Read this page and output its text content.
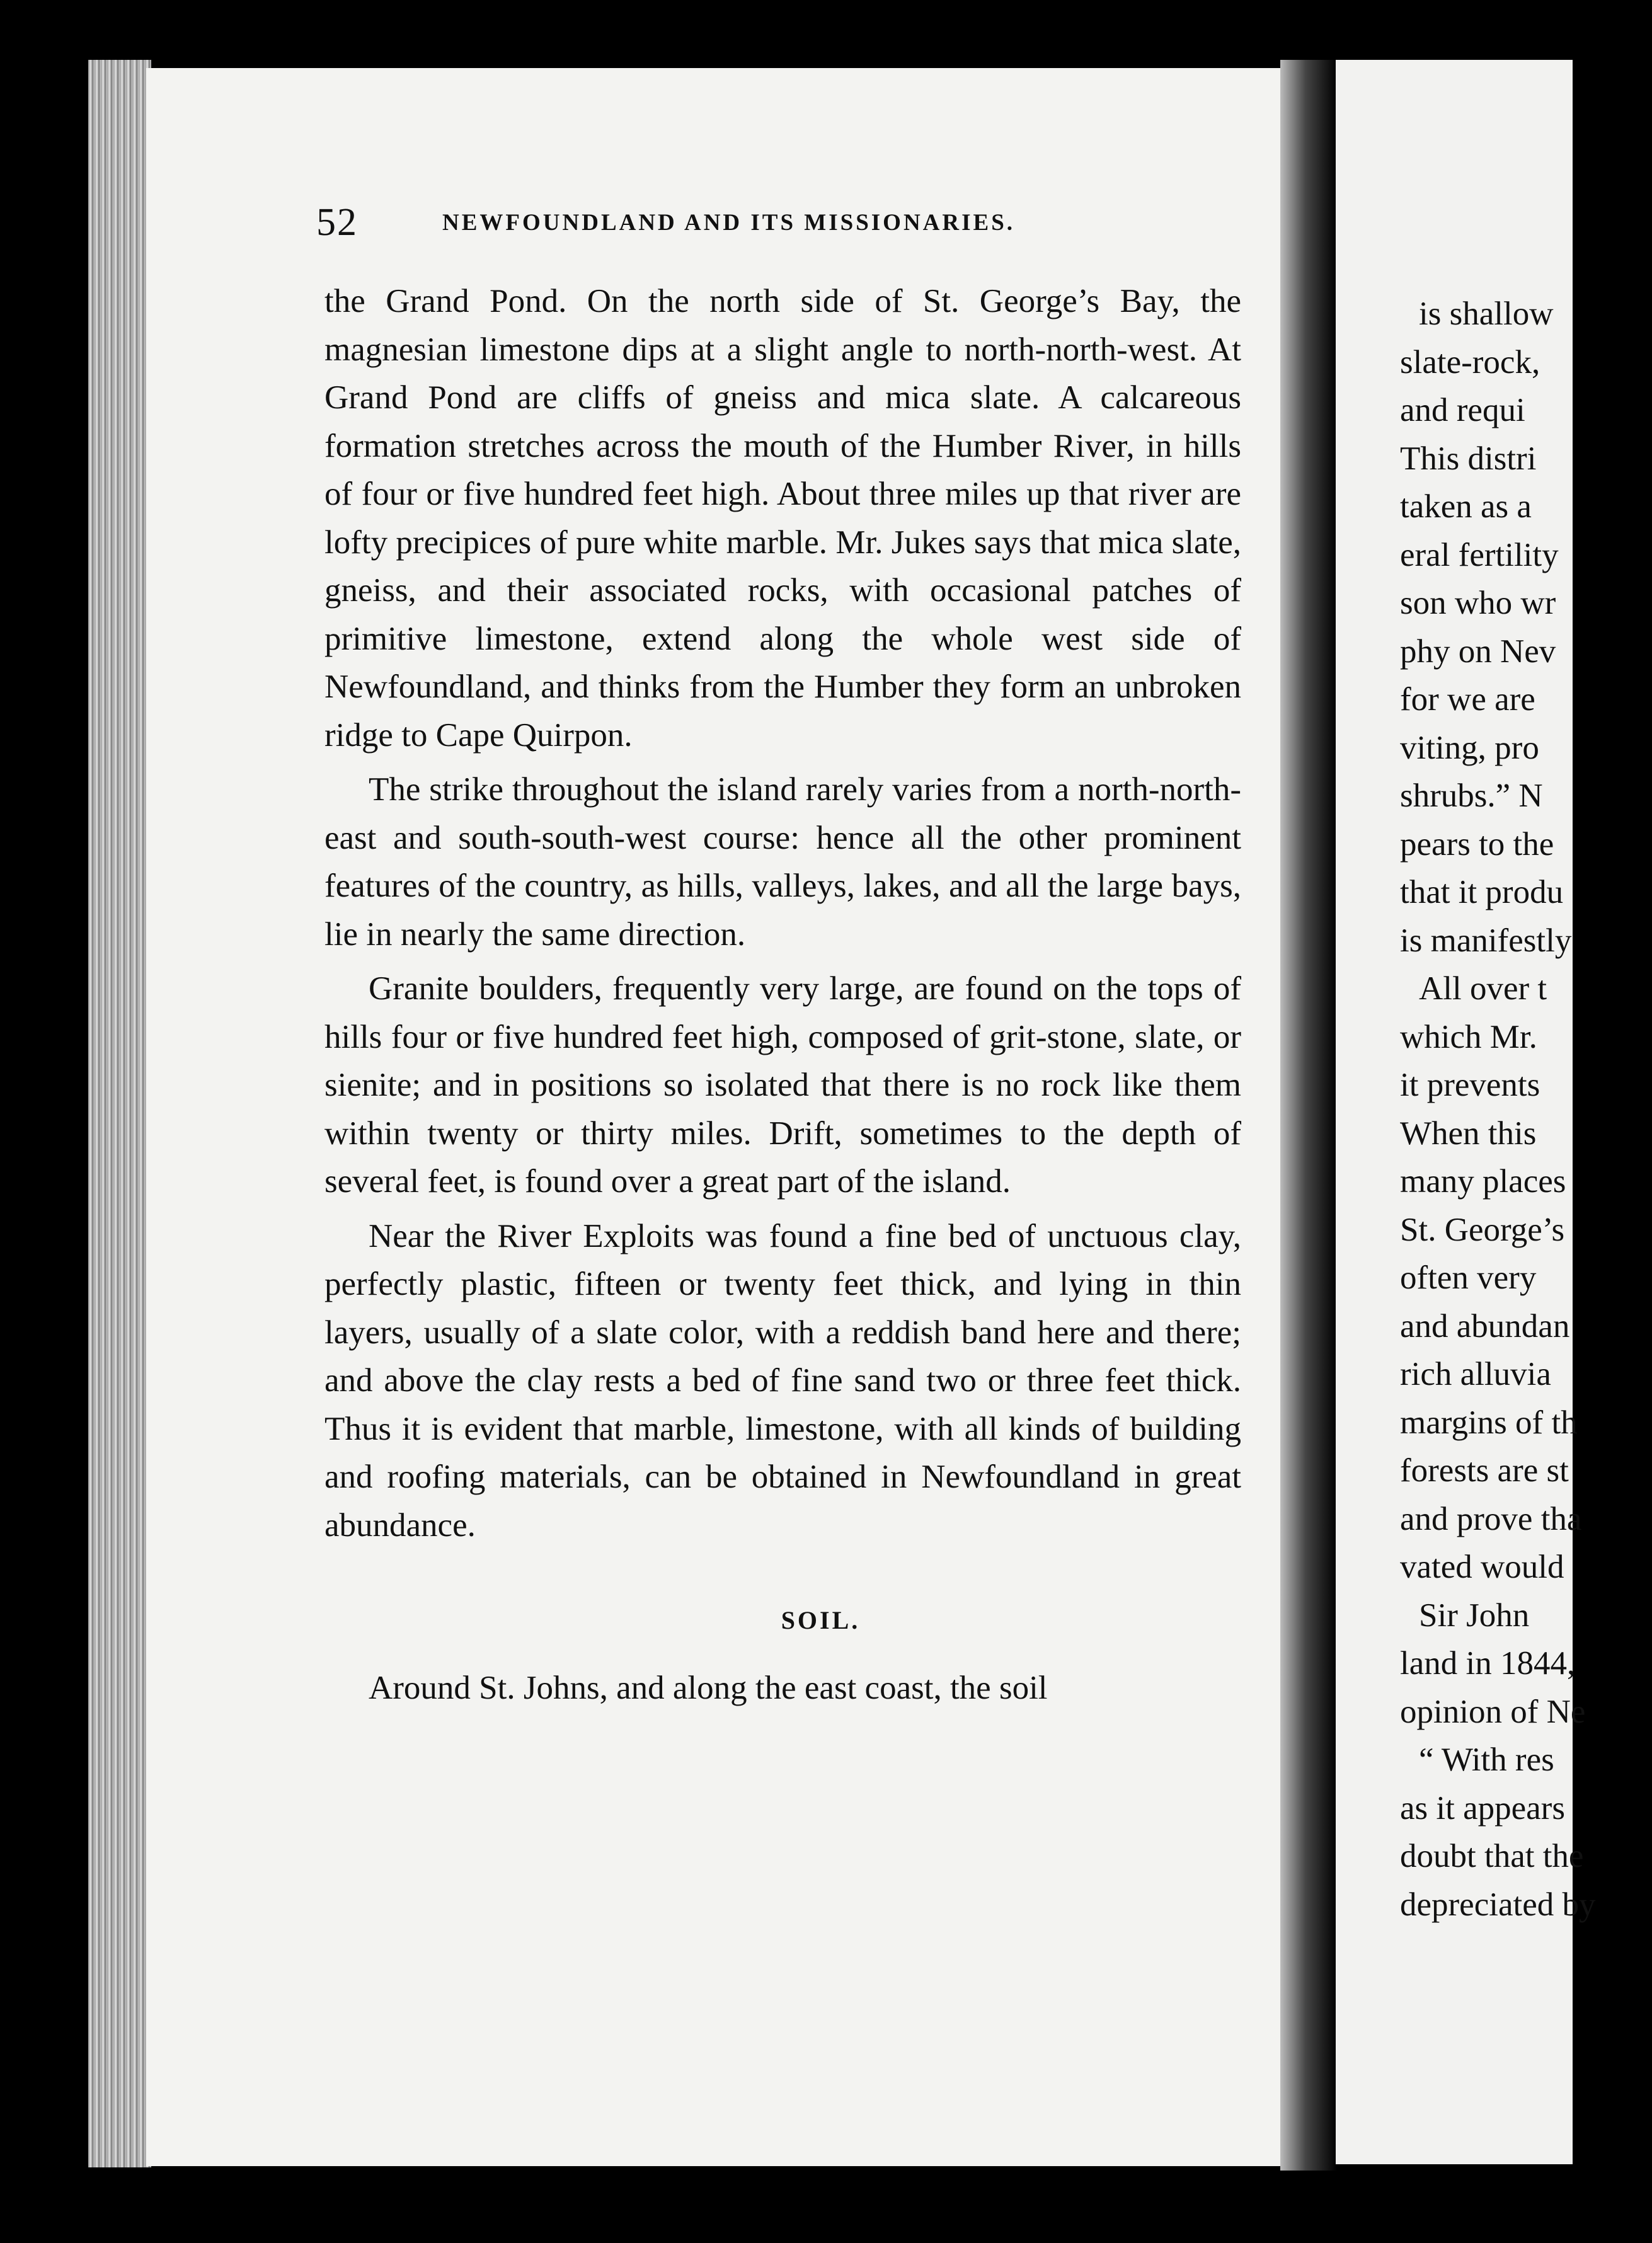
52	NEWFOUNDLAND AND ITS MISSIONARIES.

the Grand Pond. On the north side of St. George’s Bay, the magnesian limestone dips at a slight angle to north-north-west. At Grand Pond are cliffs of gneiss and mica slate. A calcareous formation stretches across the mouth of the Humber River, in hills of four or five hundred feet high. About three miles up that river are lofty precipices of pure white marble. Mr. Jukes says that mica slate, gneiss, and their associated rocks, with occasional patches of primitive limestone, extend along the whole west side of Newfoundland, and thinks from the Humber they form an unbroken ridge to Cape Quirpon.

The strike throughout the island rarely varies from a north-north-east and south-south-west course: hence all the other prominent features of the country, as hills, valleys, lakes, and all the large bays, lie in nearly the same direction.

Granite boulders, frequently very large, are found on the tops of hills four or five hundred feet high, composed of grit-stone, slate, or sienite; and in positions so isolated that there is no rock like them within twenty or thirty miles. Drift, sometimes to the depth of several feet, is found over a great part of the island.

Near the River Exploits was found a fine bed of unctuous clay, perfectly plastic, fifteen or twenty feet thick, and lying in thin layers, usually of a slate color, with a reddish band here and there; and above the clay rests a bed of fine sand two or three feet thick. Thus it is evident that marble, limestone, with all kinds of building and roofing materials, can be obtained in Newfoundland in great abundance.

SOIL.

Around St. Johns, and along the east coast, the soil

is shallow
slate-rock,
and requi
This distri
taken as a
eral fertility
son who wr
phy on Nev
for we are
viting, pro
shrubs.” N
pears to the
that it produ
is manifestly
All over t
which Mr.
it prevents
When this
many places
St. George’s
often very
and abundan
rich alluvia
margins of th
forests are st
and prove tha
vated would
Sir John
land in 1844,
opinion of Ne
“ With res
as it appears
doubt that the
depreciated by
